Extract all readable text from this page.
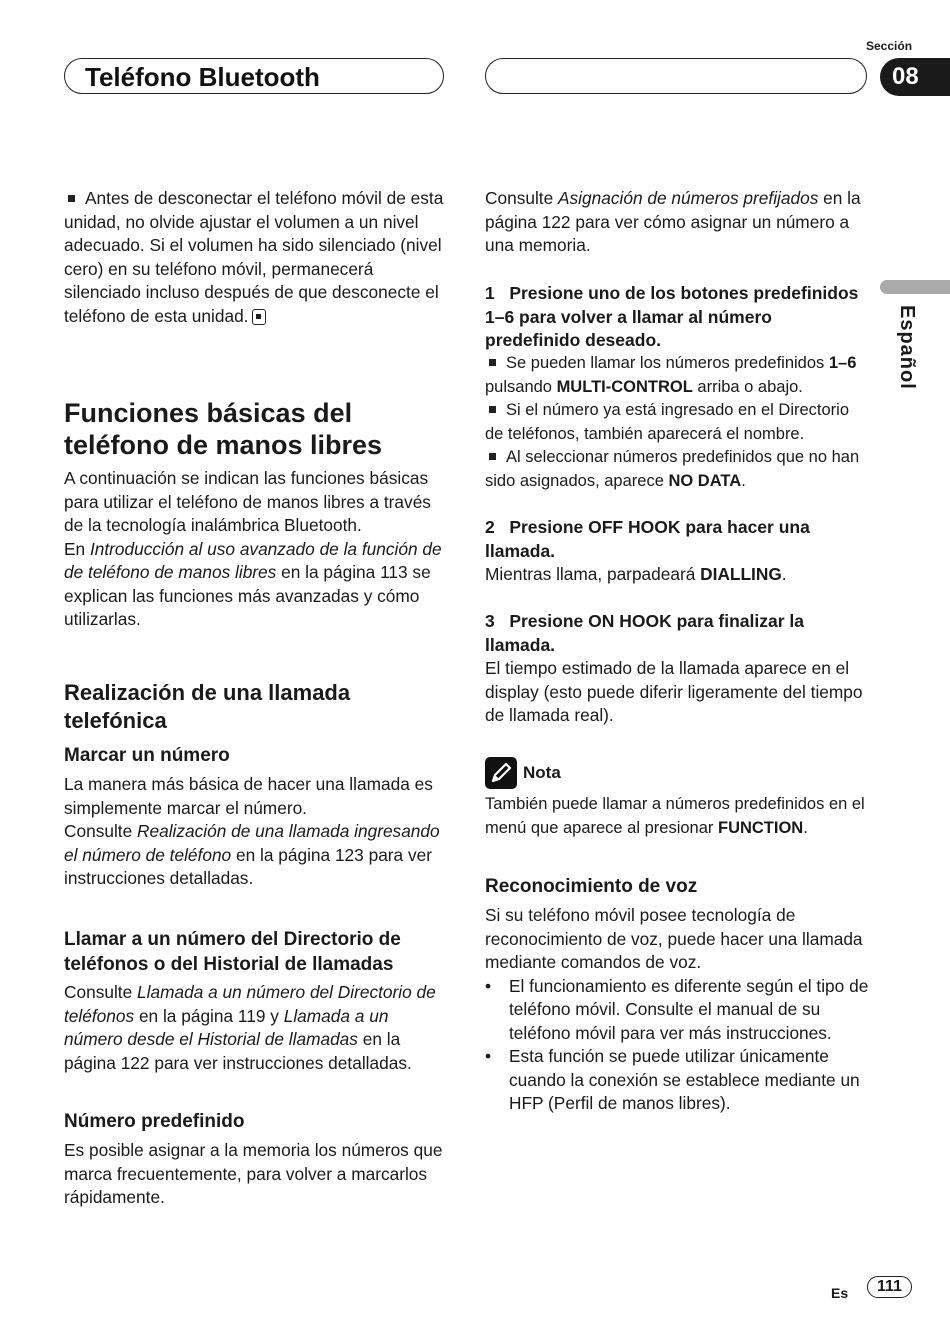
Teléfono Bluetooth
Sección
08
Español

Antes de desconectar el teléfono móvil de esta unidad, no olvide ajustar el volumen a un nivel adecuado. Si el volumen ha sido silenciado (nivel cero) en su teléfono móvil, permanecerá silenciado incluso después de que desconecte el teléfono de esta unidad.

Funciones básicas del teléfono de manos libres

A continuación se indican las funciones básicas para utilizar el teléfono de manos libres a través de la tecnología inalámbrica Bluetooth.

En Introducción al uso avanzado de la función de de teléfono de manos libres en la página 113 se explican las funciones más avanzadas y cómo utilizarlas.

Realización de una llamada telefónica
Marcar un número

La manera más básica de hacer una llamada es simplemente marcar el número.

Consulte Realización de una llamada ingresando el número de teléfono en la página 123 para ver instrucciones detalladas.

Llamar a un número del Directorio de teléfonos o del Historial de llamadas

Consulte Llamada a un número del Directorio de teléfonos en la página 119 y Llamada a un número desde el Historial de llamadas en la página 122 para ver instrucciones detalladas.

Número predefinido
Es posible asignar a la memoria los números que marca frecuentemente, para volver a marcarlos rápidamente.

Consulte Asignación de números prefijados en la página 122 para ver cómo asignar un número a una memoria.

1 Presione uno de los botones predefinidos 1–6 para volver a llamar al número predefinido deseado.

Se pueden llamar los números predefinidos 1–6 pulsando MULTI-CONTROL arriba o abajo.

Si el número ya está ingresado en el Directorio de teléfonos, también aparecerá el nombre.

Al seleccionar números predefinidos que no han sido asignados, aparece NO DATA.

2 Presione OFF HOOK para hacer una llamada.

Mientras llama, parpadeará DIALLING.

3 Presione ON HOOK para finalizar la llamada.
El tiempo estimado de la llamada aparece en el display (esto puede diferir ligeramente del tiempo de llamada real).
Nota

También puede llamar a números predefinidos en el menú que aparece al presionar FUNCTION.

Reconocimiento de voz

Si su teléfono móvil posee tecnología de reconocimiento de voz, puede hacer una llamada mediante comandos de voz.

•	El funcionamiento es diferente según el tipo de teléfono móvil. Consulte el manual de su teléfono móvil para ver más instrucciones.
•	Esta función se puede utilizar únicamente cuando la conexión se establece mediante un HFP (Perfil de manos libres).
Es	111
